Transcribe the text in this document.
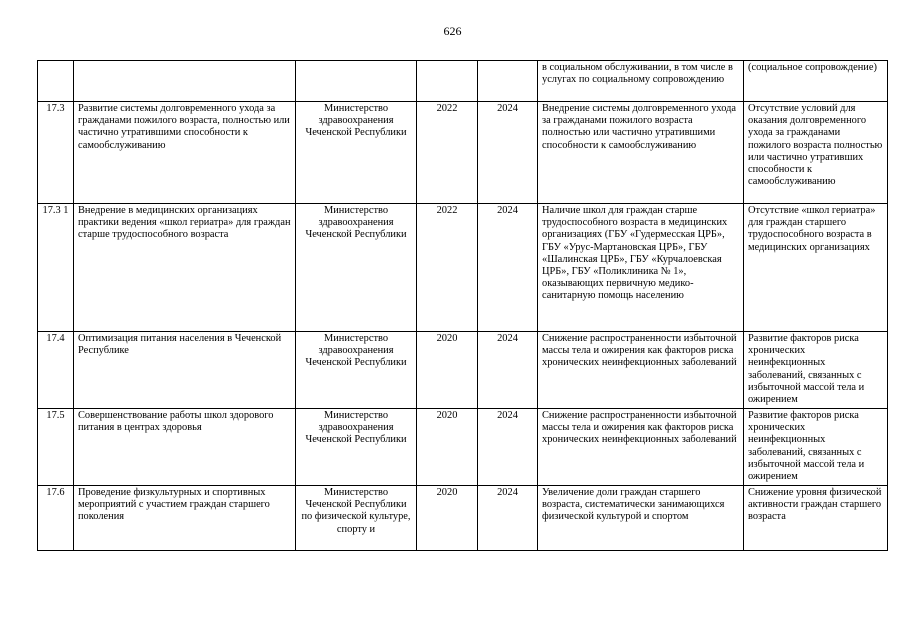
626
					в социальном обслуживании, в том числе в услугах по социальному сопровождению	(социальное сопровождение)
17.3	Развитие системы долговременного ухода за гражданами пожилого возраста, полностью или частично утратившими способности к самообслуживанию	Министерство здравоохранения Чеченской Республики	2022	2024	Внедрение системы долговременного ухода за гражданами пожилого возраста полностью или частично утратившими способности к самообслуживанию	Отсутствие условий для оказания долговременного ухода за гражданами пожилого возраста полностью или частично утративших способности к самообслуживанию
17.3 1	Внедрение в медицинских организациях практики ведения «школ гериатра» для граждан старше трудоспособного возраста	Министерство здравоохранения Чеченской Республики	2022	2024	Наличие школ для граждан старше трудоспособного возраста в медицинских организациях (ГБУ «Гудермесская ЦРБ», ГБУ «Урус-Мартановская ЦРБ», ГБУ «Шалинская ЦРБ», ГБУ «Курчалоевская ЦРБ», ГБУ «Поликлиника № 1», оказывающих первичную медико-санитарную помощь населению	Отсутствие «школ гериатра» для граждан старшего трудоспособного возраста в медицинских организациях
17.4	Оптимизация питания населения в Чеченской Республике	Министерство здравоохранения Чеченской Республики	2020	2024	Снижение распространенности избыточной массы тела и ожирения как факторов риска хронических неинфекционных заболеваний	Развитие факторов риска хронических неинфекционных заболеваний, связанных с избыточной массой тела и ожирением
17.5	Совершенствование работы школ здорового питания в центрах здоровья	Министерство здравоохранения Чеченской Республики	2020	2024	Снижение распространенности избыточной массы тела и ожирения как факторов риска хронических неинфекционных заболеваний	Развитие факторов риска хронических неинфекционных заболеваний, связанных с избыточной массой тела и ожирением
17.6	Проведение физкультурных и спортивных мероприятий с участием граждан старшего поколения	Министерство Чеченской Республики по физической культуре, спорту и	2020	2024	Увеличение доли граждан старшего возраста, систематически занимающихся физической культурой и спортом	Снижение уровня физической активности граждан старшего возраста
